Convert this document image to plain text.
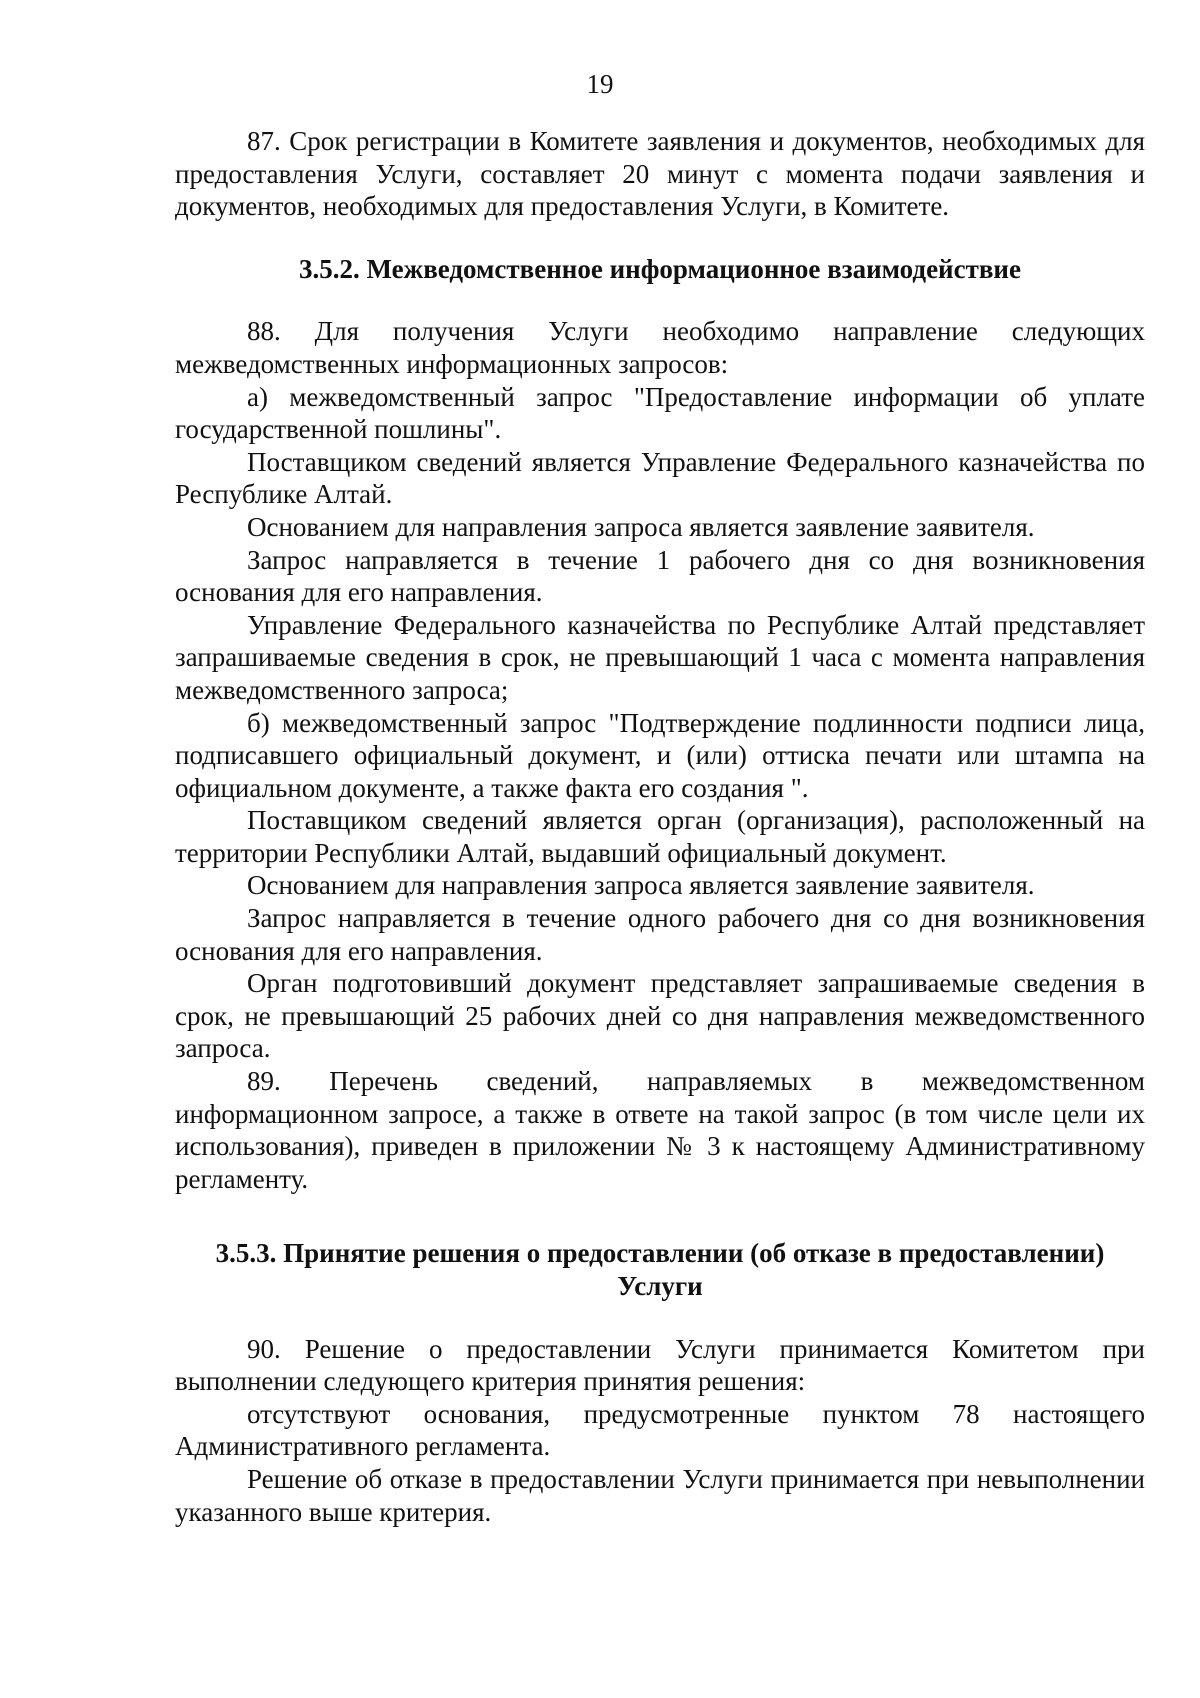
19

87. Срок регистрации в Комитете заявления и документов, необходимых для предоставления Услуги, составляет 20 минут с момента подачи заявления и документов, необходимых для предоставления Услуги, в Комитете.

3.5.2. Межведомственное информационное взаимодействие

88. Для получения Услуги необходимо направление следующих межведомственных информационных запросов:

а) межведомственный запрос "Предоставление информации об уплате государственной пошлины".

Поставщиком сведений является Управление Федерального казначейства по Республике Алтай.

Основанием для направления запроса является заявление заявителя.

Запрос направляется в течение 1 рабочего дня со дня возникновения основания для его направления.

Управление Федерального казначейства по Республике Алтай представляет запрашиваемые сведения в срок, не превышающий 1 часа с момента направления межведомственного запроса;

б) межведомственный запрос "Подтверждение подлинности подписи лица, подписавшего официальный документ, и (или) оттиска печати или штампа на официальном документе, а также факта его создания ".

Поставщиком сведений является орган (организация), расположенный на территории Республики Алтай, выдавший официальный документ.

Основанием для направления запроса является заявление заявителя.

Запрос направляется в течение одного рабочего дня со дня возникновения основания для его направления.

Орган подготовивший документ представляет запрашиваемые сведения в срок, не превышающий 25 рабочих дней со дня направления межведомственного запроса.

89. Перечень сведений, направляемых в межведомственном информационном запросе, а также в ответе на такой запрос (в том числе цели их использования), приведен в приложении № 3 к настоящему Административному регламенту.

3.5.3. Принятие решения о предоставлении (об отказе в предоставлении) Услуги

90. Решение о предоставлении Услуги принимается Комитетом при выполнении следующего критерия принятия решения:

отсутствуют основания, предусмотренные пунктом 78 настоящего Административного регламента.

Решение об отказе в предоставлении Услуги принимается при невыполнении указанного выше критерия.
